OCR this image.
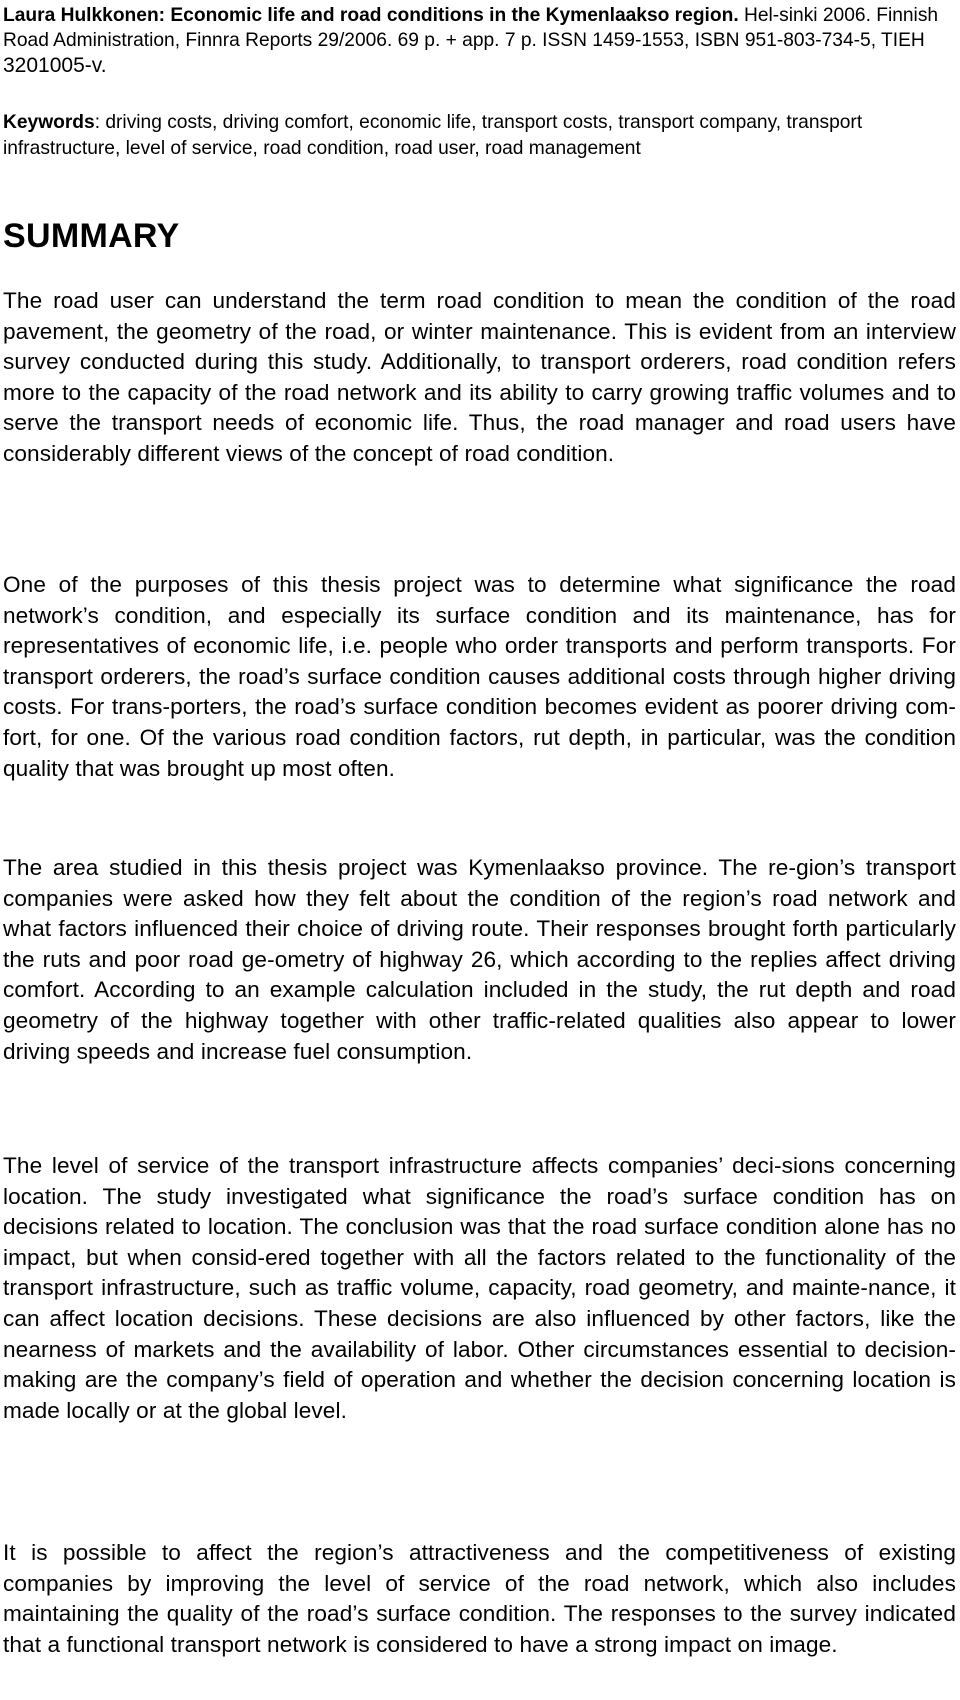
Laura Hulkkonen: Economic life and road conditions in the Kymenlaakso region. Hel-sinki 2006. Finnish Road Administration, Finnra Reports 29/2006. 69 p. + app. 7 p. ISSN 1459-1553, ISBN 951-803-734-5, TIEH 3201005-v.
Keywords: driving costs, driving comfort, economic life, transport costs, transport company, transport infrastructure, level of service, road condition, road user, road management
SUMMARY
The road user can understand the term road condition to mean the condition of the road pavement, the geometry of the road, or winter maintenance. This is evident from an interview survey conducted during this study. Additionally, to transport orderers, road condition refers more to the capacity of the road network and its ability to carry growing traffic volumes and to serve the transport needs of economic life. Thus, the road manager and road users have considerably different views of the concept of road condition.
One of the purposes of this thesis project was to determine what significance the road network’s condition, and especially its surface condition and its maintenance, has for representatives of economic life, i.e. people who order transports and perform transports. For transport orderers, the road’s surface condition causes additional costs through higher driving costs. For trans-porters, the road’s surface condition becomes evident as poorer driving com-fort, for one. Of the various road condition factors, rut depth, in particular, was the condition quality that was brought up most often.
The area studied in this thesis project was Kymenlaakso province. The re-gion’s transport companies were asked how they felt about the condition of the region’s road network and what factors influenced their choice of driving route. Their responses brought forth particularly the ruts and poor road ge-ometry of highway 26, which according to the replies affect driving comfort. According to an example calculation included in the study, the rut depth and road geometry of the highway together with other traffic-related qualities also appear to lower driving speeds and increase fuel consumption.
The level of service of the transport infrastructure affects companies’ deci-sions concerning location. The study investigated what significance the road’s surface condition has on decisions related to location. The conclusion was that the road surface condition alone has no impact, but when consid-ered together with all the factors related to the functionality of the transport infrastructure, such as traffic volume, capacity, road geometry, and mainte-nance, it can affect location decisions. These decisions are also influenced by other factors, like the nearness of markets and the availability of labor. Other circumstances essential to decision-making are the company’s field of operation and whether the decision concerning location is made locally or at the global level.
It is possible to affect the region’s attractiveness and the competitiveness of existing companies by improving the level of service of the road network, which also includes maintaining the quality of the road’s surface condition. The responses to the survey indicated that a functional transport network is considered to have a strong impact on image.
